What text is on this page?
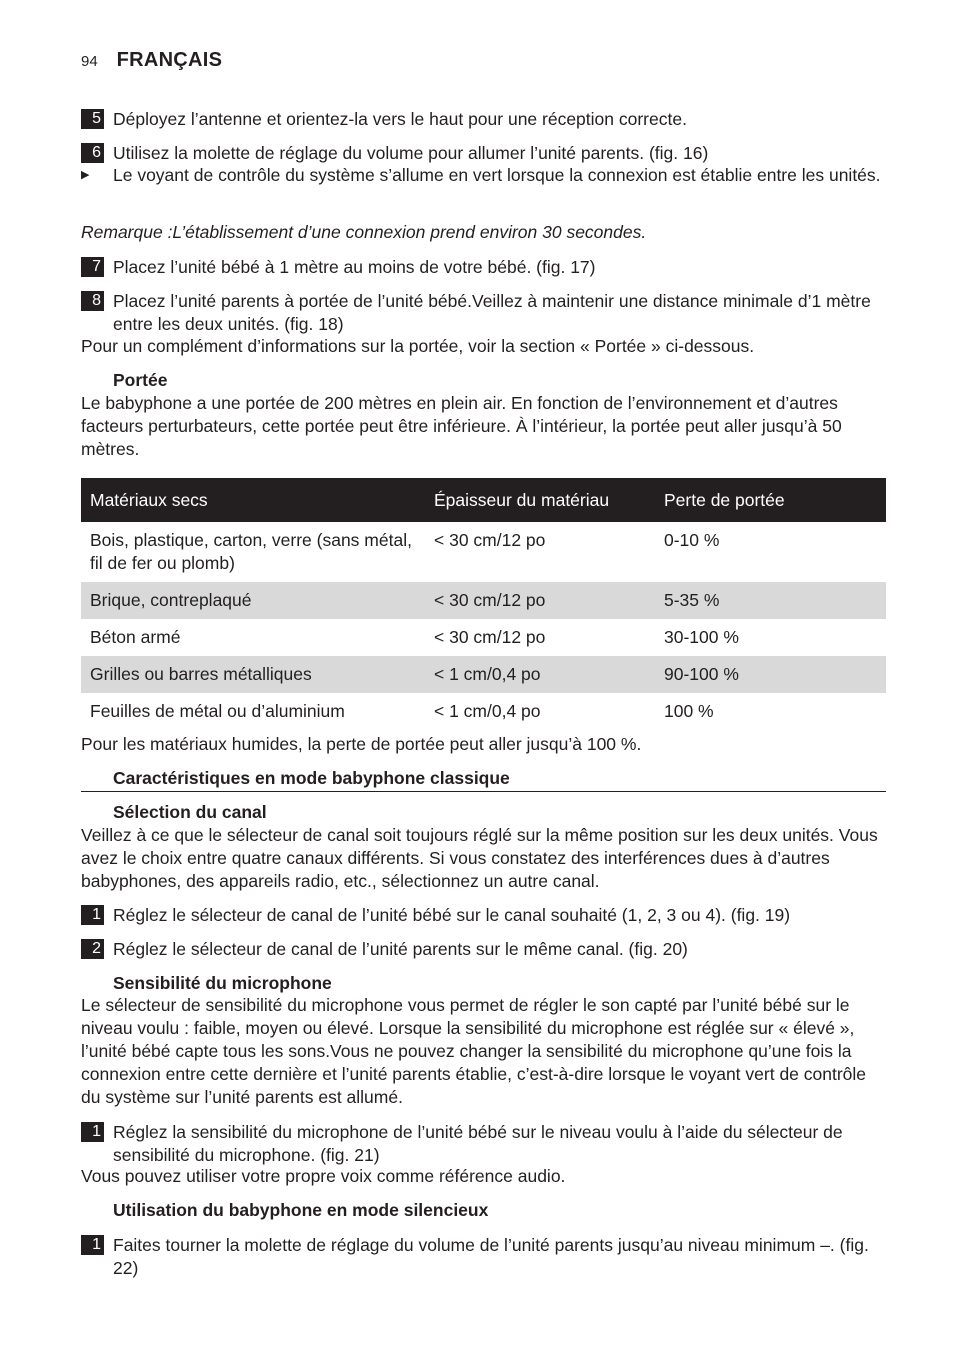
94 FRANÇAIS
5 Déployez l’antenne et orientez-la vers le haut pour une réception correcte.
6 Utilisez la molette de réglage du volume pour allumer l’unité parents. (fig. 16)
▶	Le voyant de contrôle du système s’allume en vert lorsque la connexion est établie entre les unités.
Remarque :L’établissement d’une connexion prend environ 30 secondes.
7 Placez l’unité bébé à 1 mètre au moins de votre bébé. (fig. 17)
8 Placez l’unité parents à portée de l’unité bébé.Veillez à maintenir une distance minimale d’1 mètre entre les deux unités. (fig. 18)
Pour un complément d’informations sur la portée, voir la section « Portée » ci-dessous.
Portée
Le babyphone a une portée de 200 mètres en plein air. En fonction de l’environnement et d’autres facteurs perturbateurs, cette portée peut être inférieure. À l’intérieur, la portée peut aller jusqu’à 50 mètres.
Matériaux secs	Épaisseur du matériau	Perte de portée
Bois, plastique, carton, verre (sans métal, fil de fer ou plomb)	< 30 cm/12 po	0-10 %
Brique, contreplaqué	< 30 cm/12 po	5-35 %
Béton armé	< 30 cm/12 po	30-100 %
Grilles ou barres métalliques	< 1 cm/0,4 po	90-100 %
Feuilles de métal ou d’aluminium	< 1 cm/0,4 po	100 %
Pour les matériaux humides, la perte de portée peut aller jusqu’à 100 %.
Caractéristiques en mode babyphone classique
Sélection du canal
Veillez à ce que le sélecteur de canal soit toujours réglé sur la même position sur les deux unités. Vous avez le choix entre quatre canaux différents. Si vous constatez des interférences dues à d’autres babyphones, des appareils radio, etc., sélectionnez un autre canal.
1 Réglez le sélecteur de canal de l’unité bébé sur le canal souhaité (1, 2, 3 ou 4). (fig. 19)
2 Réglez le sélecteur de canal de l’unité parents sur le même canal. (fig. 20)
Sensibilité du microphone
Le sélecteur de sensibilité du microphone vous permet de régler le son capté par l’unité bébé sur le niveau voulu : faible, moyen ou élevé. Lorsque la sensibilité du microphone est réglée sur « élevé », l’unité bébé capte tous les sons.Vous ne pouvez changer la sensibilité du microphone qu’une fois la connexion entre cette dernière et l’unité parents établie, c’est-à-dire lorsque le voyant vert de contrôle du système sur l’unité parents est allumé.
1 Réglez la sensibilité du microphone de l’unité bébé sur le niveau voulu à l’aide du sélecteur de sensibilité du microphone. (fig. 21)
Vous pouvez utiliser votre propre voix comme référence audio.
Utilisation du babyphone en mode silencieux
1 Faites tourner la molette de réglage du volume de l’unité parents jusqu’au niveau minimum –. (fig. 22)
